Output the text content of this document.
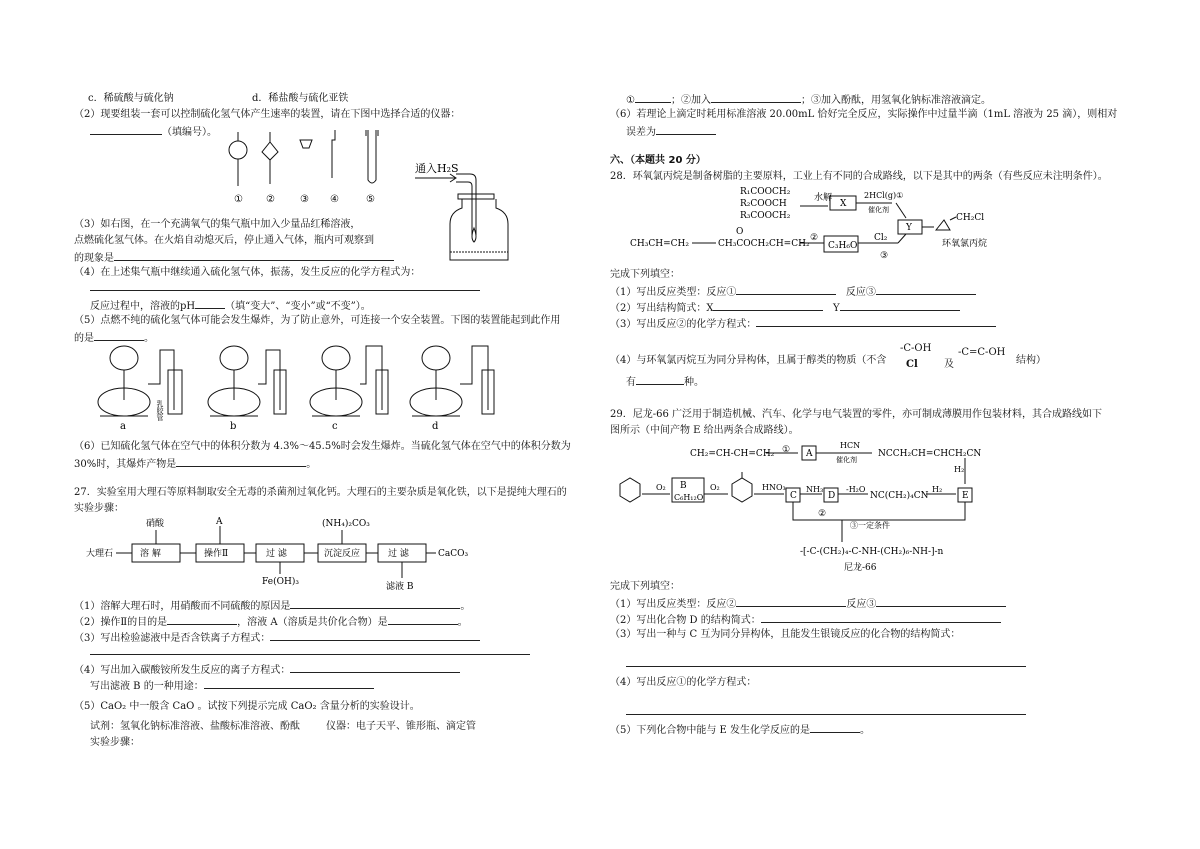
c．稀硫酸与硫化钠	d．稀盐酸与硫化亚铁
（2）现要组装一套可以控制硫化氢气体产生速率的装置，请在下图中选择合适的仪器：
（填编号）。
① ②	③ ④	⑤
通入H₂S
（3）如右图，在一个充满氧气的集气瓶中加入少量品红稀溶液，
点燃硫化氢气体。在火焰自动熄灭后，停止通入气体，瓶内可观察到
的现象是
（4）在上述集气瓶中继续通入硫化氢气体，振荡，发生反应的化学方程式为：
反应过程中，溶液的pH	（填“变大”、“变小”或“不变”）。
（5）点燃不纯的硫化氢气体可能会发生爆炸，为了防止意外，可连接一个安全装置。下图的装置能起到此作用
的是	。
乳胶管
a	b	c	d
（6）已知硫化氢气体在空气中的体积分数为 4.3%～45.5%时会发生爆炸。当硫化氢气体在空气中的体积分数为
30%时，其爆炸产物是	。
27．实验室用大理石等原料制取安全无毒的杀菌剂过氧化钙。大理石的主要杂质是氧化铁，以下是提纯大理石的
实验步骤：
大理石	溶 解	操作Ⅱ	过 滤	沉淀反应	过 滤
硝酸	A	(NH₄)₂CO₃
Fe(OH)₃	滤液 B
CaCO₃
（1）溶解大理石时，用硝酸而不同硫酸的原因是	。
（2）操作Ⅱ的目的是	，溶液 A（溶质是共价化合物）是	。
（3）写出检验滤液中是否含铁离子方程式：
（4）写出加入碳酸铵所发生反应的离子方程式：
写出滤液 B 的一种用途：
（5）CaO₂ 中一般含 CaO 。试按下列提示完成 CaO₂ 含量分析的实验设计。
试剂：氢氧化钠标准溶液、盐酸标准溶液、酚酞	仪器：电子天平、锥形瓶、滴定管
实验步骤：
①	；②加入	；③加入酚酞，用氢氧化钠标准溶液滴定。
（6）若理论上滴定时耗用标准溶液 20.00mL 恰好完全反应，实际操作中过量半滴（1mL 溶液为 25 滴），则相对
误差为
六、（本题共 20 分）
28．环氧氯丙烷是制备树脂的主要原料，工业上有不同的合成路线，以下是其中的两条（有些反应未注明条件）。
R₁COOCH₂
R₂COOCH
R₃COOCH₂
水解
X
2HCl(g)①
催化剂
Y
CH₂Cl
环氧氯丙烷
CH₃CH=CH₂	CH₃COCH₂CH=CH₂
O
C₃H₆O
Cl₂
②
③
完成下列填空：
（1）写出反应类型：反应①	反应③
（2）写出结构简式：X	Y
（3）写出反应②的化学方程式：
（4）与环氧氯丙烷互为同分异构体，且属于醇类的物质（不含
-C-OH
Cl	及
-C=C-OH
结构）
有	种。
29．尼龙-66 广泛用于制造机械、汽车、化学与电气装置的零件，亦可制成薄膜用作包装材料，其合成路线如下
图所示（中间产物 E 给出两条合成路线）。
CH₂=CH-CH=CH₂ ① A
HCN
催化剂
NCCH₂CH=CHCH₂CN
H₂
O₂ B
C₆H₁₂O
O₂	HNO₃
C
NH₃
D
-H₂O
NC(CH₂)₄CN
H₂
E
②
③一定条件
-[-C-(CH₂)₄-C-NH-(CH₂)₆-NH-]-n
尼龙-66
完成下列填空：
（1）写出反应类型：反应②	反应③
（2）写出化合物 D 的结构简式：
（3）写出一种与 C 互为同分异构体，且能发生银镜反应的化合物的结构简式：
（4）写出反应①的化学方程式：
（5）下列化合物中能与 E 发生化学反应的是	。
